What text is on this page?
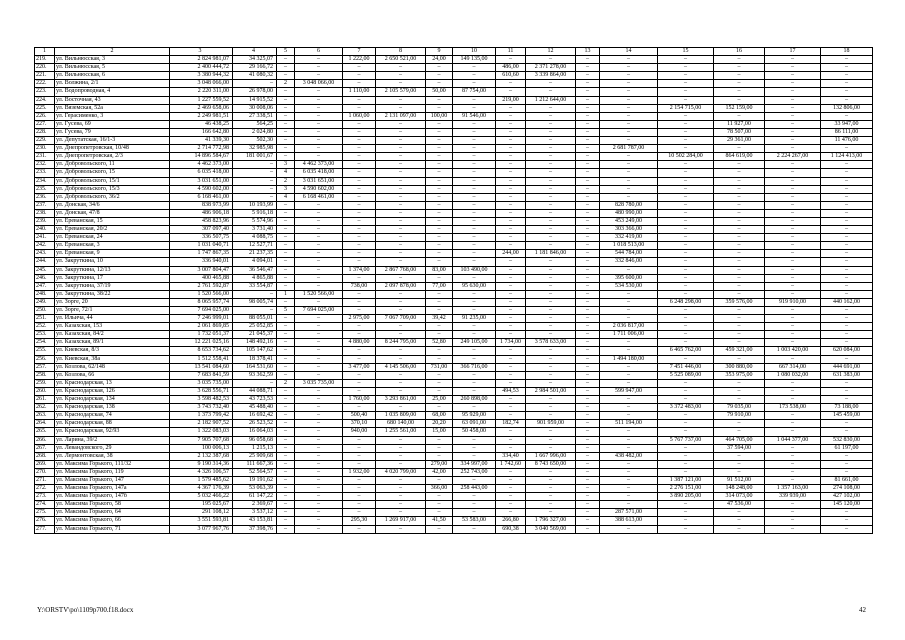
1	2	3	4	5	6	7	8	9	10	11	12	13	14	15	16	17	18
219.	ул. Вильнюсская, 3	2 824 981,07	34 325,07	–	–	1 222,00	2 650 521,00	24,00	149 135,00	–	–	–	–	–	–	–	–
220.	ул. Вильнюсская, 5	2 400 444,72	29 166,72	–	–	–	–	–	–	486,00	2 371 278,00	–	–	–	–	–	–
221.	ул. Вильнюсская, 6	3 380 944,32	41 080,32	–	–	–	–	–	–	610,60	3 339 864,00	–	–	–	–	–	–
222.	ул. Волжина, 2/1	3 048 066,00	–	2	3 048 066,00	–	–	–	–	–	–	–	–	–	–	–	–
223.	ул. Водопроводная, 4	2 220 311,00	26 978,00	–	–	1 110,00	2 105 579,00	50,00	87 754,00	–	–	–	–	–	–	–	–
224.	ул. Восточная, 43	1 227 559,52	14 915,52	–	–	–	–	–	–	219,00	1 212 644,00	–	–	–	–	–	–
225.	ул. Вяземская, 52а	2 469 658,06	30 008,06	–	–	–	–	–	–	–	–	–	–	2 154 715,00	152 159,00	–	132 806,00
226.	ул. Герасименко, 3	2 249 981,51	27 338,51	–	–	1 060,00	2 131 097,00	100,00	91 546,00	–	–	–	–	–	–	–	–
227.	ул. Гусева, 69	46 438,25	564,25	–	–	–	–	–	–	–	–	–	–	–	11 927,00	–	33 947,00
228.	ул. Гусева, 79	166 642,80	2 024,80	–	–	–	–	–	–	–	–	–	–	–	78 507,00	–	86 111,00
229.	ул. Депутатская, 16/1-3	41 339,30	502,30	–	–	–	–	–	–	–	–	–	–	–	29 361,00	–	11 476,00
230.	ул. Днепропетровская, 10/48	2 714 772,98	32 985,98	–	–	–	–	–	–	–	–	–	2 681 787,00	–	–	–	–
231.	ул. Днепропетровская, 2/3	14 896 584,67	181 001,67	–	–	–	–	–	–	–	–	–	–	10 502 284,00	864 619,00	2 224 267,00	1 124 413,00
232.	ул. Добровольского, 11	4 462 373,00	–	3	4 462 373,00	–	–	–	–	–	–	–	–	–	–	–	–
233.	ул. Добровольского, 15	6 035 418,00	–	4	6 035 418,00	–	–	–	–	–	–	–	–	–	–	–	–
234.	ул. Добровольского, 15/1	3 031 651,00	–	2	3 031 651,00	–	–	–	–	–	–	–	–	–	–	–	–
235.	ул. Добровольского, 15/3	4 590 602,00	–	3	4 590 602,00	–	–	–	–	–	–	–	–	–	–	–	–
236.	ул. Добровольского, 36/2	6 168 461,00	–	4	6 168 461,00	–	–	–	–	–	–	–	–	–	–	–	–
237.	ул. Донская, 34/6	838 973,99	10 193,99	–	–	–	–	–	–	–	–	–	828 780,00	–	–	–	–
238.	ул. Донская, 47/8	486 906,18	5 916,18	–	–	–	–	–	–	–	–	–	480 990,00	–	–	–	–
239.	ул. Ереванская, 15	458 823,96	5 574,96	–	–	–	–	–	–	–	–	–	453 249,00	–	–	–	–
240.	ул. Ереванская, 20/2	307 097,40	3 731,40	–	–	–	–	–	–	–	–	–	303 366,00	–	–	–	–
241.	ул. Ереванская, 24	336 507,75	4 088,75	–	–	–	–	–	–	–	–	–	332 419,00	–	–	–	–
242.	ул. Ереванская, 3	1 031 040,71	12 527,71	–	–	–	–	–	–	–	–	–	1 018 513,00	–	–	–	–
243.	ул. Ереванская, 9	1 747 867,35	21 237,35	–	–	–	–	–	–	244,00	1 181 846,00	–	544 784,00	–	–	–	–
244.	ул. Закруткина, 10	336 940,01	4 094,01	–	–	–	–	–	–	–	–	–	332 846,00	–	–	–	–
245.	ул. Закруткина, 12/13	3 007 804,47	36 546,47	–	–	1 374,00	2 867 768,00	83,00	103 490,00	–	–	–	–	–	–	–	–
246.	ул. Закруткина, 17	400 465,88	4 865,88	–	–	–	–	–	–	–	–	–	395 600,00	–	–	–	–
247.	ул. Закруткина, 37/19	2 761 592,87	33 554,87	–	–	738,00	2 097 878,00	77,00	95 630,00	–	–	–	534 530,00	–	–	–	–
248.	ул. Закруткина, 38/22	1 520 566,00	–	1	1 520 566,00	–	–	–	–	–	–	–	–	–	–	–	–
249.	ул. Зорге, 20	8 065 957,74	98 005,74	–	–	–	–	–	–	–	–	–	–	6 248 298,00	359 576,00	919 910,00	440 162,00
250.	ул. Зорге, 72/1	7 694 025,00	–	5	7 694 025,00	–	–	–	–	–	–	–	–	–	–	–	–
251.	ул. Ильича, 44	7 246 999,01	88 055,01	–	–	2 975,00	7 067 709,00	39,42	91 235,00	–	–	–	–	–	–	–	–
252.	ул. Казахская, 153	2 061 869,85	25 052,85	–	–	–	–	–	–	–	–	–	2 036 817,00	–	–	–	–
253.	ул. Казахская, 84/2	1 732 051,37	21 045,37	–	–	–	–	–	–	–	–	–	1 711 006,00	–	–	–	–
254.	ул. Казахская, 89/1	12 221 025,16	148 492,16	–	–	4 880,00	8 244 795,00	52,80	249 105,00	1 734,00	3 578 633,00	–	–	–	–	–	–
255.	ул. Киевская, 8/3	8 653 734,62	105 147,62	–	–	–	–	–	–	–	–	–	–	6 465 762,00	459 321,00	1 003 420,00	620 084,00
256.	ул. Киевская, 38а	1 512 558,41	18 378,41	–	–	–	–	–	–	–	–	–	1 494 180,00	–	–	–	–
257.	ул. Козлова, 62/148	13 541 084,60	164 531,60	–	–	3 477,00	4 145 506,00	731,00	366 716,00	–	–	–	–	7 451 446,00	300 880,00	667 314,00	444 691,00
258.	ул. Козлова, 66	7 683 841,59	93 362,59	–	–	–	–	–	–	–	–	–	–	5 525 089,00	353 975,00	1 080 032,00	631 383,00
259.	ул. Краснодарская, 13	3 035 735,00	–	2	3 035 735,00	–	–	–	–	–	–	–	–	–	–	–	–
260.	ул. Краснодарская, 126	3 628 556,71	44 088,71	–	–	–	–	–	–	494,53	2 984 501,00	–	599 947,00	–	–	–	–
261.	ул. Краснодарская, 134	3 598 482,53	43 723,53	–	–	1 760,00	3 293 861,00	25,00	260 898,00	–	–	–	–	–	–	–	–
262.	ул. Краснодарская, 138	3 743 732,40	45 488,40	–	–	–	–	–	–	–	–	–	–	3 372 483,00	79 035,00	173 538,00	73 188,00
263.	ул. Краснодарская, 74	1 373 799,42	16 692,42	–	–	500,40	1 035 809,00	68,00	95 929,00	–	–	–	–	–	79 910,00	–	145 459,00
264.	ул. Краснодарская, 88	2 182 907,52	26 523,52	–	–	370,10	680 140,00	20,20	63 091,00	182,74	901 959,00	–	511 194,00	–	–	–	–
265.	ул. Краснодарская, 92/93	1 322 083,03	16 064,03	–	–	940,00	1 255 561,00	15,00	50 458,00	–	–	–	–	–	–	–	–
266.	ул. Ларина, 39/2	7 905 707,68	96 058,68	–	–	–	–	–	–	–	–	–	–	5 767 737,00	464 705,00	1 044 377,00	532 830,00
267.	ул. Левандовского, 29	100 006,13	1 215,13	–	–	–	–	–	–	–	–	–	–	–	37 594,00	–	61 197,00
268.	ул. Лермонтовская, 38	2 132 387,68	25 909,68	–	–	–	–	–	–	334,40	1 667 996,00	–	438 482,00	–	–	–	–
269.	ул. Максима Горького, 111/32	9 190 314,36	111 667,36	–	–	–	–	279,00	334 997,00	1 742,60	8 743 650,00	–	–	–	–	–	–
270.	ул. Максима Горького, 119	4 326 106,57	52 564,57	–	–	1 932,00	4 020 799,00	42,00	252 743,00	–	–	–	–	–	–	–	–
271.	ул. Максима Горького, 147	1 579 485,62	19 191,62	–	–	–	–	–	–	–	–	–	–	1 387 121,00	91 512,00	–	81 661,00
272.	ул. Максима Горького, 147а	4 367 176,39	53 063,39	–	–	–	–	366,00	258 443,00	–	–	–	–	2 276 151,00	148 248,00	1 357 163,00	274 108,00
273.	ул. Максима Горького, 147б	5 032 466,22	61 147,22	–	–	–	–	–	–	–	–	–	–	3 890 205,00	314 073,00	339 939,00	427 102,00
274.	ул. Максима Горького, 58	195 025,67	2 369,67	–	–	–	–	–	–	–	–	–	–	–	47 536,00	–	145 120,00
275.	ул. Максима Горького, 64	291 108,12	3 537,12	–	–	–	–	–	–	–	–	–	287 571,00	–	–	–	–
276.	ул. Максима Горького, 66	3 551 593,81	43 153,81	–	–	295,30	1 269 917,00	41,50	53 583,00	266,80	1 796 327,00	–	388 613,00	–	–	–	–
277.	ул. Максима Горького, 71	3 077 967,76	37 398,76	–	–	–	–	–	–	690,38	3 040 569,00	–	–	–	–	–	–
Y:\ORSTV\po\1109p700.f18.docx	42
